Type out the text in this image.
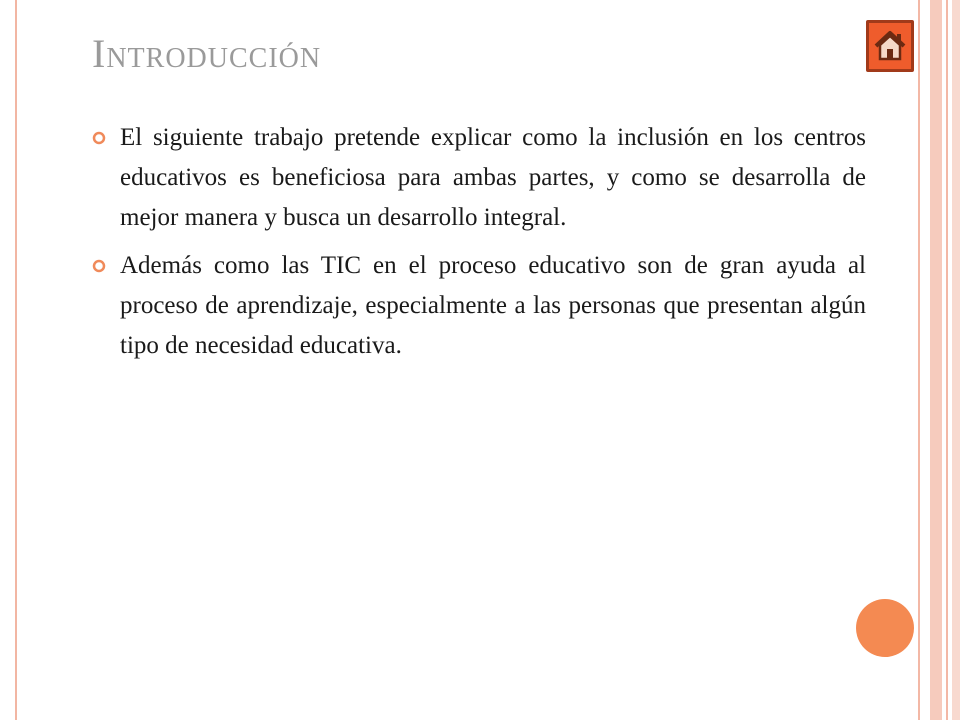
Introducción
El siguiente trabajo pretende explicar como la inclusión en los centros educativos es beneficiosa para ambas partes, y como se desarrolla de mejor manera y busca un desarrollo integral.
Además como las TIC en el proceso educativo son de gran ayuda al proceso de aprendizaje, especialmente a las personas que presentan algún tipo de necesidad educativa.
